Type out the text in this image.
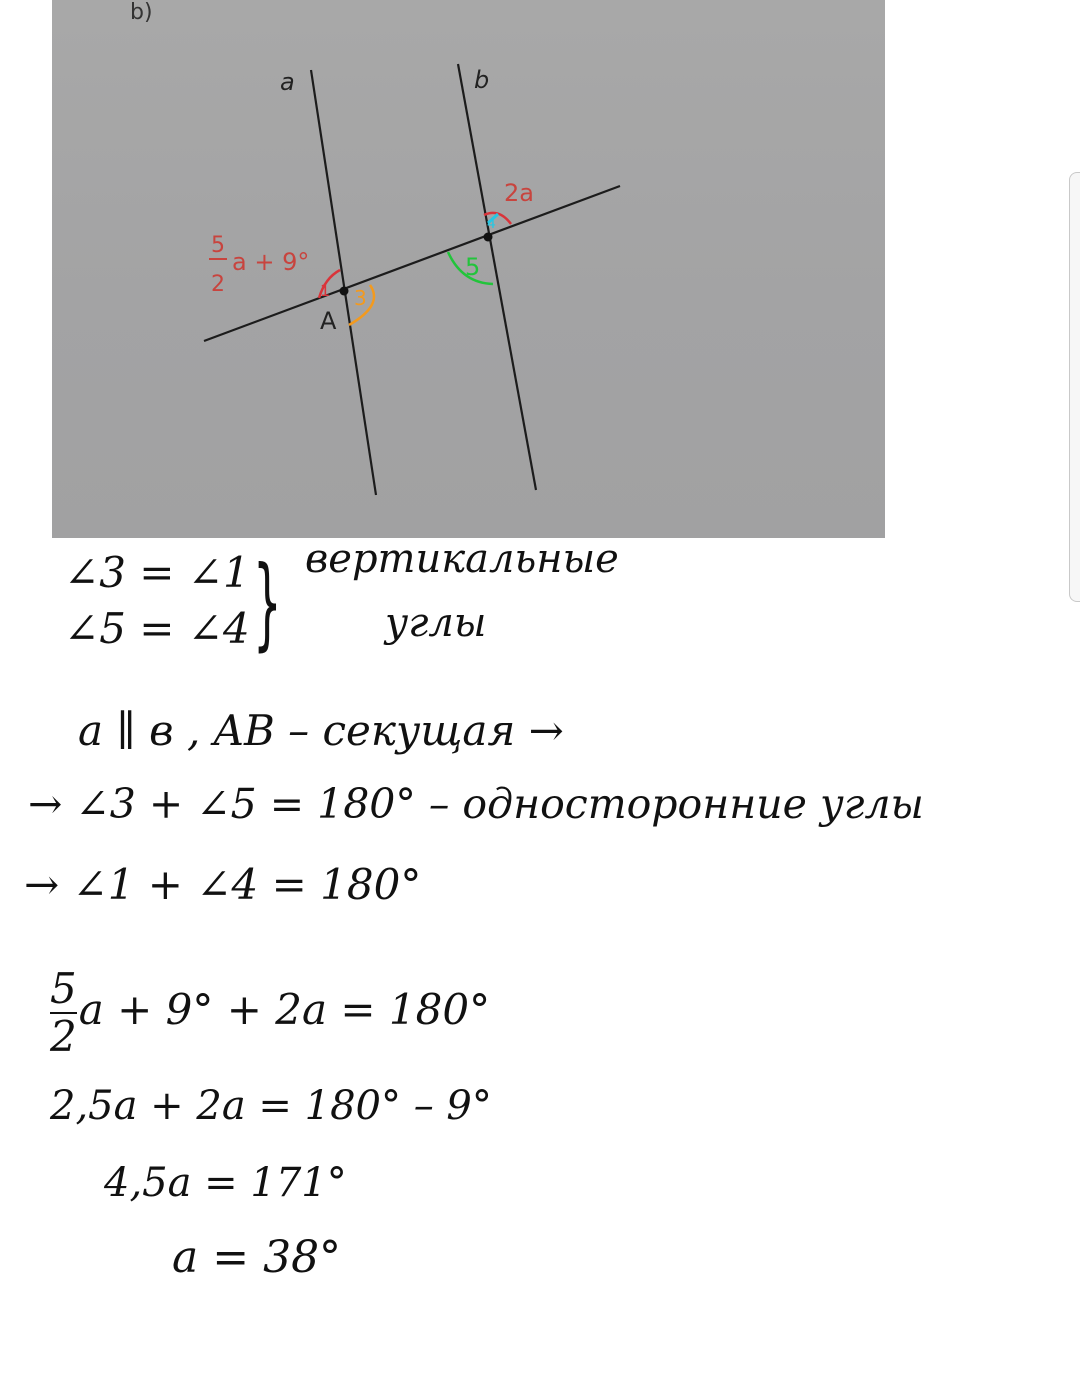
b)
a	b
2a
5
2
a + 9°
A
1 3
4
5
∠3 = ∠1
∠5 = ∠4 } вертикальные
углы
a ∥ в , AB – секущая →
→ ∠3 + ∠5 = 180° – односторонние углы
→ ∠1 + ∠4 = 180°
$\frac{5}{2}$ a + 9° + 2a = 180°
2,5a + 2a = 180° – 9°
4,5a = 171°
a = 38°
